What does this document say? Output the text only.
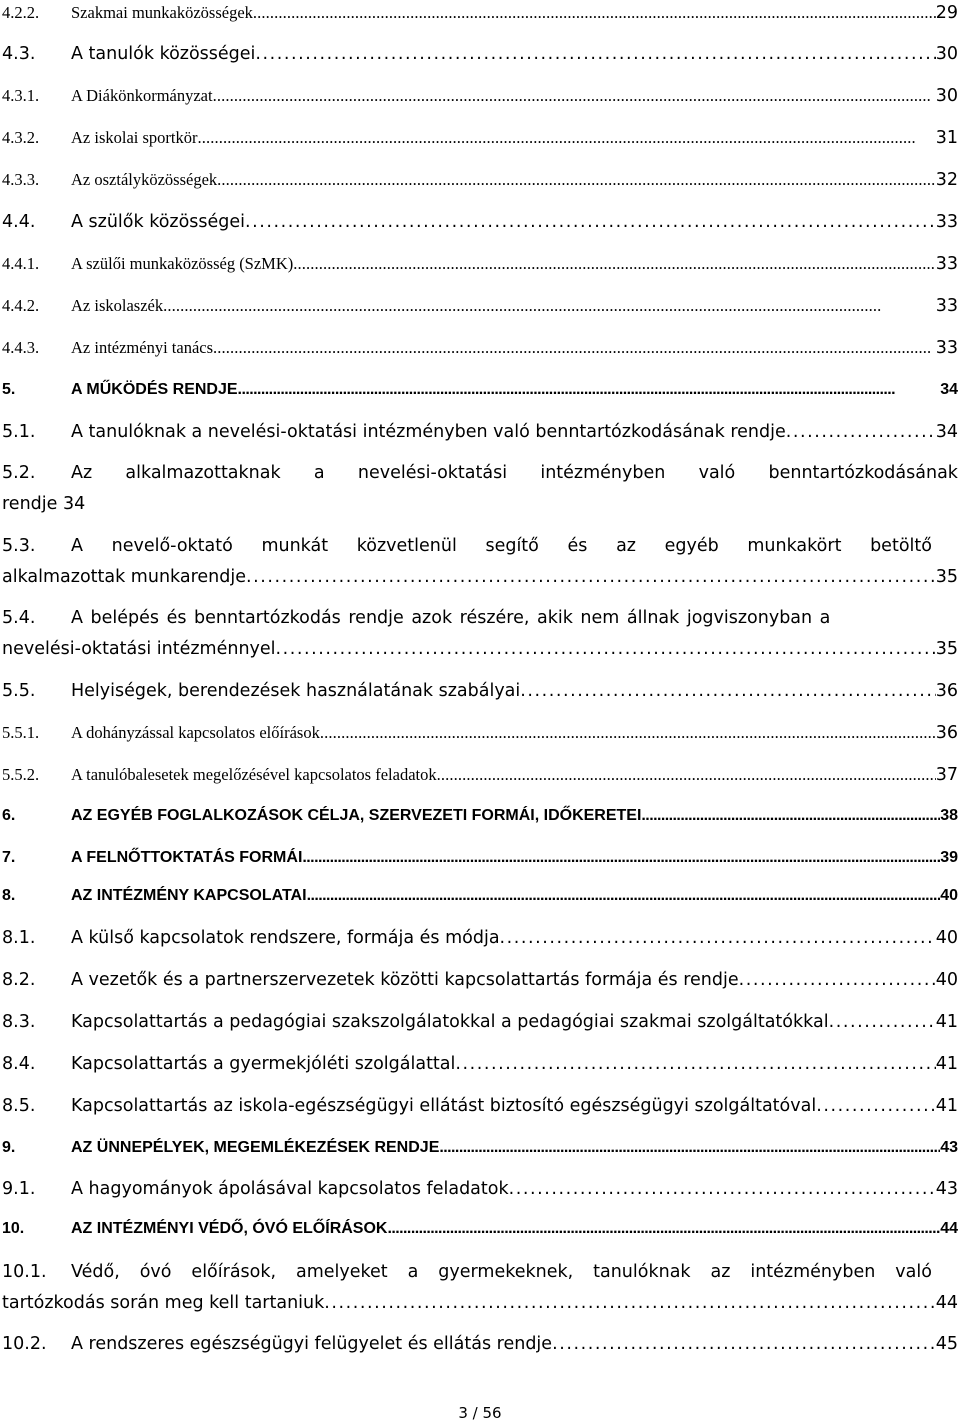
4.2.2. Szakmai munkaközösségek . . .	29
4.3. A tanulók közösségei . . .	30
4.3.1. A Diákönkormányzat . . .	30
4.3.2. Az iskolai sportkör . . .	31
4.3.3. Az osztályközösségek . . .	32
4.4. A szülők közösségei . . .	33
4.4.1. A szülői munkaközösség (SzMK) . . .	33
4.4.2. Az iskolaszék . . .	33
4.4.3. Az intézményi tanács . . .	33
5.	A MŰKÖDÉS RENDJE . . .	34
5.1. A tanulóknak a nevelési-oktatási intézményben való benntartózkodásának rendje . . .	34
5.2. Az alkalmazottaknak a nevelési-oktatási intézményben való benntartózkodásának
rendje 34
5.3. A nevelő-oktató munkát közvetlenül segítő és az egyéb munkakört betöltő
alkalmazottak munkarendje . . .	35
5.4. A belépés és benntartózkodás rendje azok részére, akik nem állnak jogviszonyban a
nevelési-oktatási intézménnyel . . .	35
5.5. Helyiségek, berendezések használatának szabályai . . .	36
5.5.1. A dohányzással kapcsolatos előírások . . .	36
5.5.2. A tanulóbalesetek megelőzésével kapcsolatos feladatok . . .	37
6.	AZ EGYÉB FOGLALKOZÁSOK CÉLJA, SZERVEZETI FORMÁI, IDŐKERETEI . . .	38
7.	A FELNŐTTOKTATÁS FORMÁI . . .	39
8.	AZ INTÉZMÉNY KAPCSOLATAI . . .	40
8.1. A külső kapcsolatok rendszere, formája és módja . . .	40
8.2. A vezetők és a partnerszervezetek közötti kapcsolattartás formája és rendje . . .	40
8.3. Kapcsolattartás a pedagógiai szakszolgálatokkal a pedagógiai szakmai szolgáltatókkal . . .	41
8.4. Kapcsolattartás a gyermekjóléti szolgálattal . . .	41
8.5. Kapcsolattartás az iskola-egészségügyi ellátást biztosító egészségügyi szolgáltatóval . . .	41
9.	AZ ÜNNEPÉLYEK, MEGEMLÉKEZÉSEK RENDJE . . .	43
9.1. A hagyományok ápolásával kapcsolatos feladatok . . .	43
10.	AZ INTÉZMÉNYI VÉDŐ, ÓVÓ ELŐÍRÁSOK . . .	44
10.1. Védő, óvó előírások, amelyeket a gyermekeknek, tanulóknak az intézményben való
tartózkodás során meg kell tartaniuk . . .	44
10.2. A rendszeres egészségügyi felügyelet és ellátás rendje . . .	45
3 / 56
